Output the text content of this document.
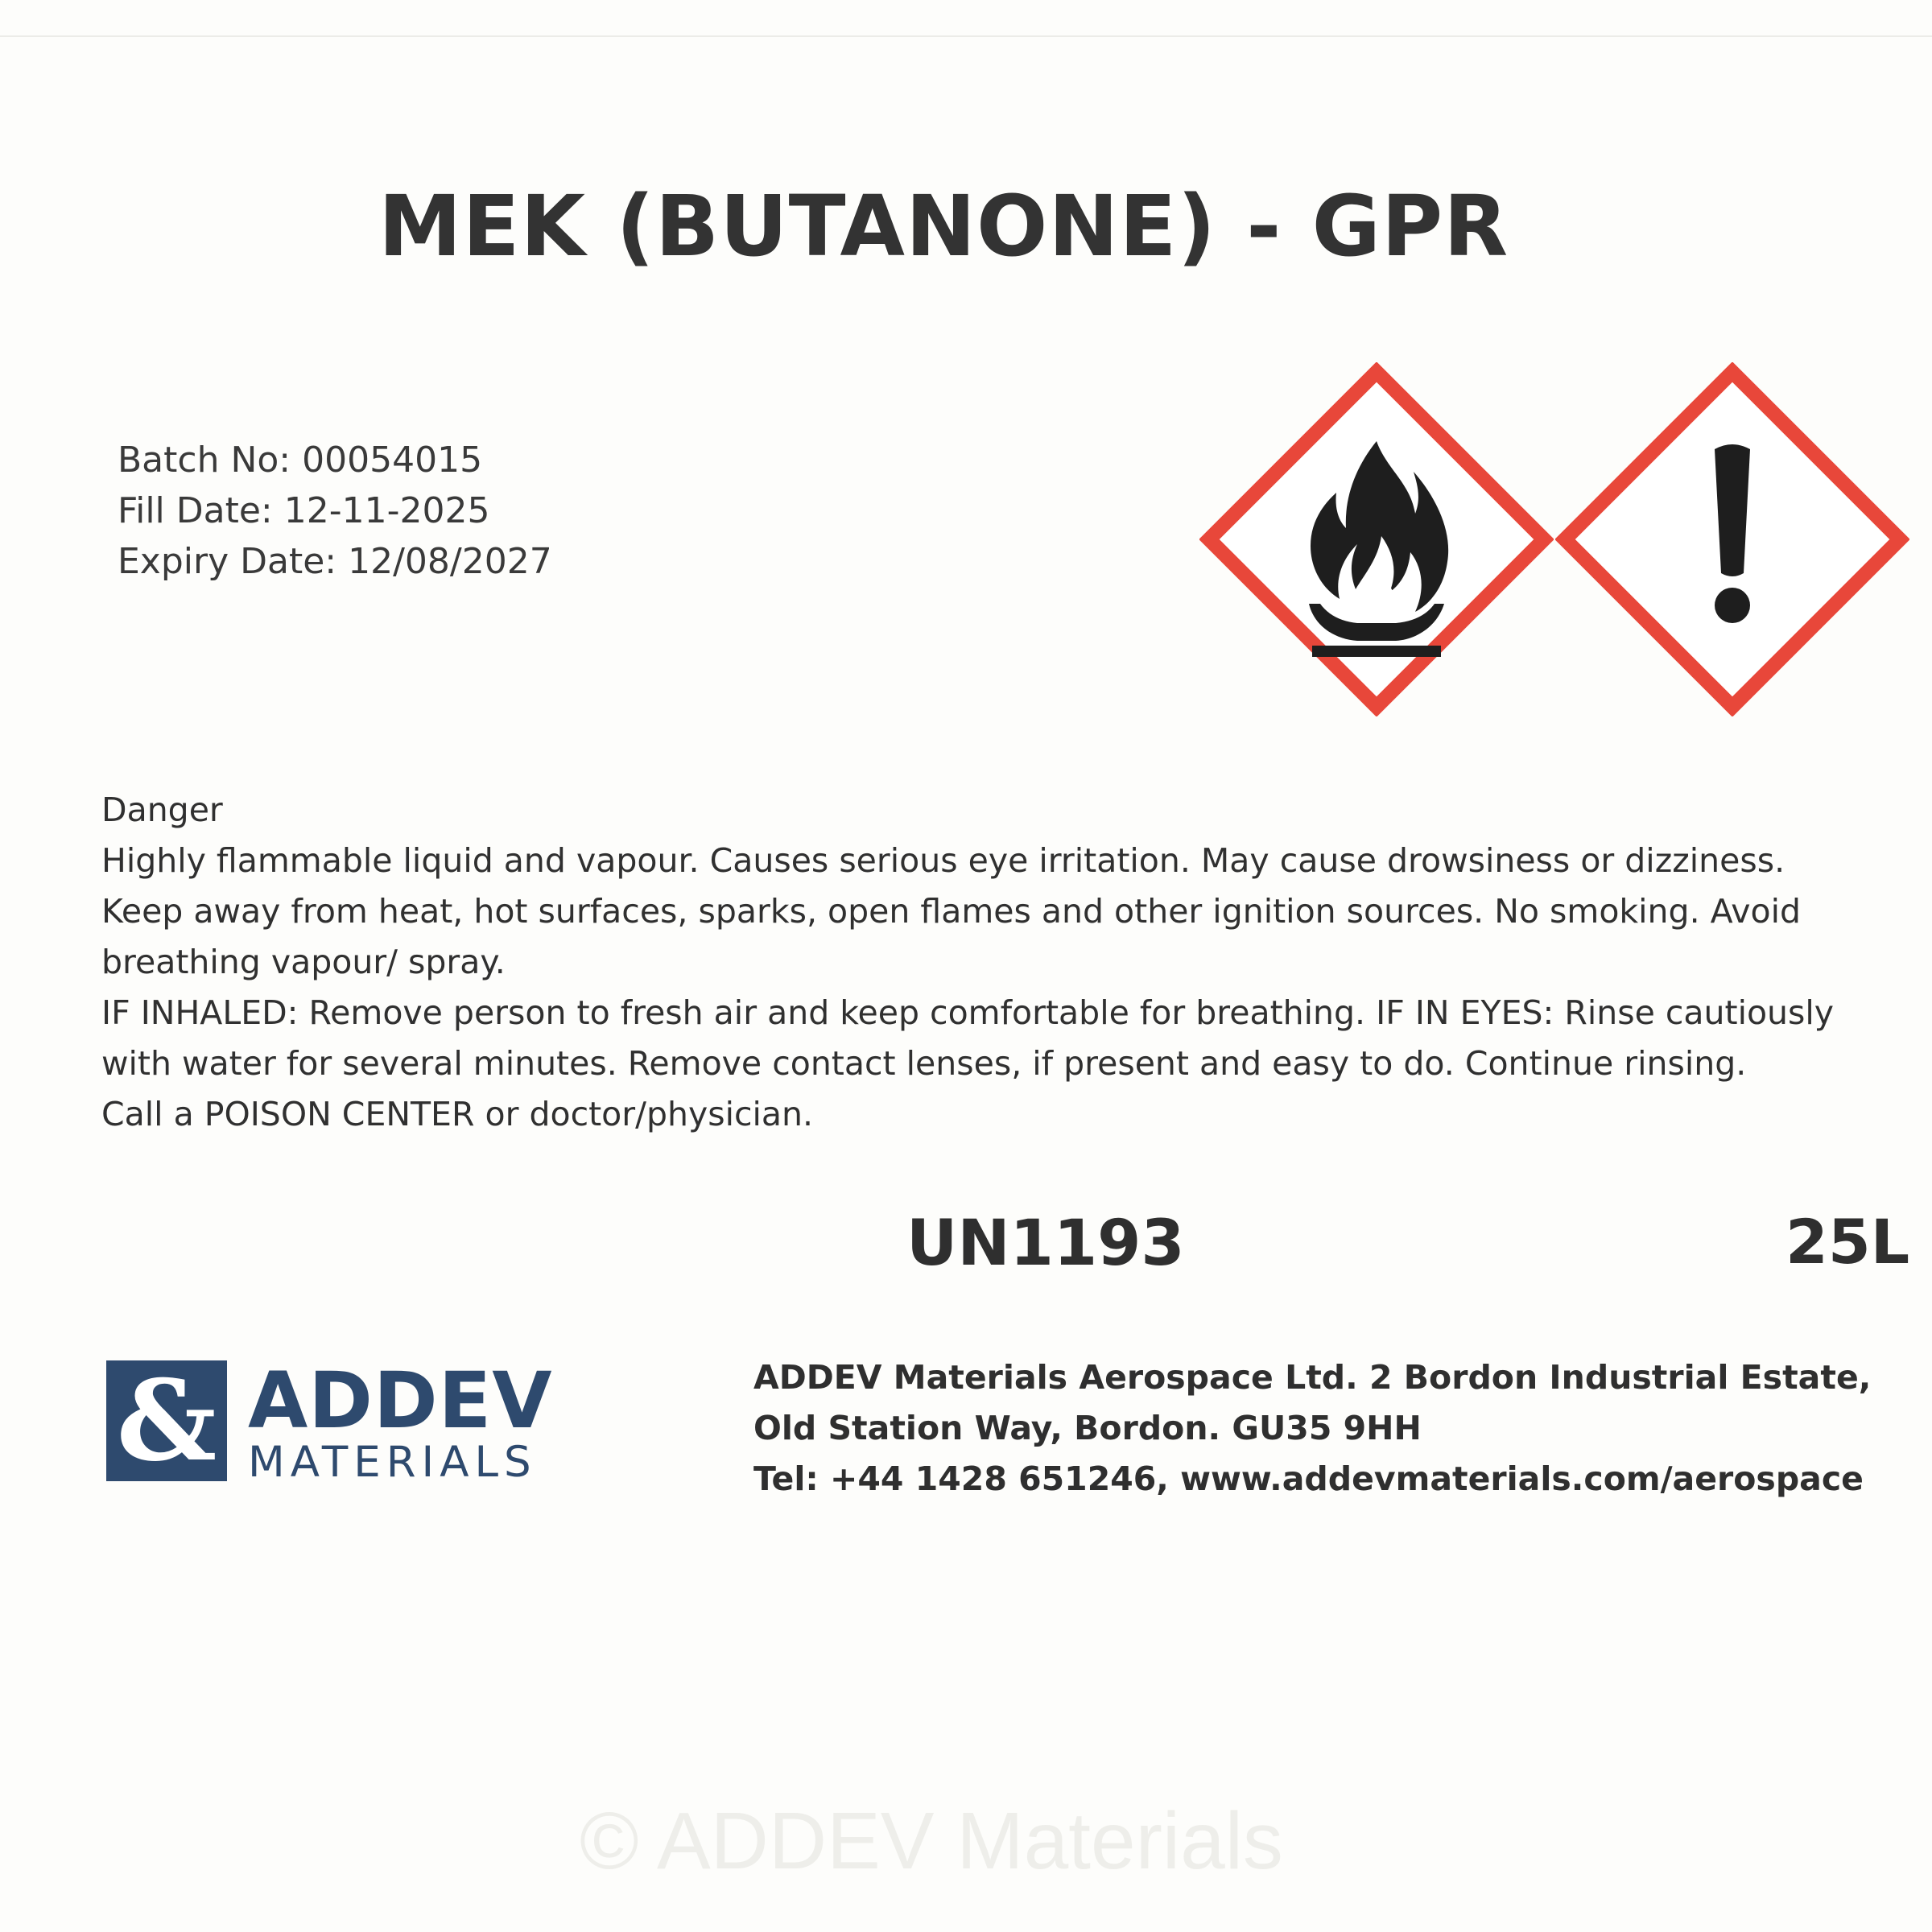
MEK (BUTANONE) - GPR
Batch No: 00054015
Fill Date: 12-11-2025
Expiry Date: 12/08/2027

Danger

Highly flammable liquid and vapour. Causes serious eye irritation. May cause drowsiness or dizziness.

Keep away from heat, hot surfaces, sparks, open flames and other ignition sources. No smoking. Avoid

breathing vapour/ spray.

IF INHALED: Remove person to fresh air and keep comfortable for breathing. IF IN EYES: Rinse cautiously

with water for several minutes. Remove contact lenses, if present and easy to do. Continue rinsing.

Call a POISON CENTER or doctor/physician.

UN1193	25L
& ADDEV
MATERIALS
ADDEV Materials Aerospace Ltd. 2 Bordon Industrial Estate,
Old Station Way, Bordon. GU35 9HH
Tel: +44 1428 651246, www.addevmaterials.com/aerospace
© ADDEV Materials
